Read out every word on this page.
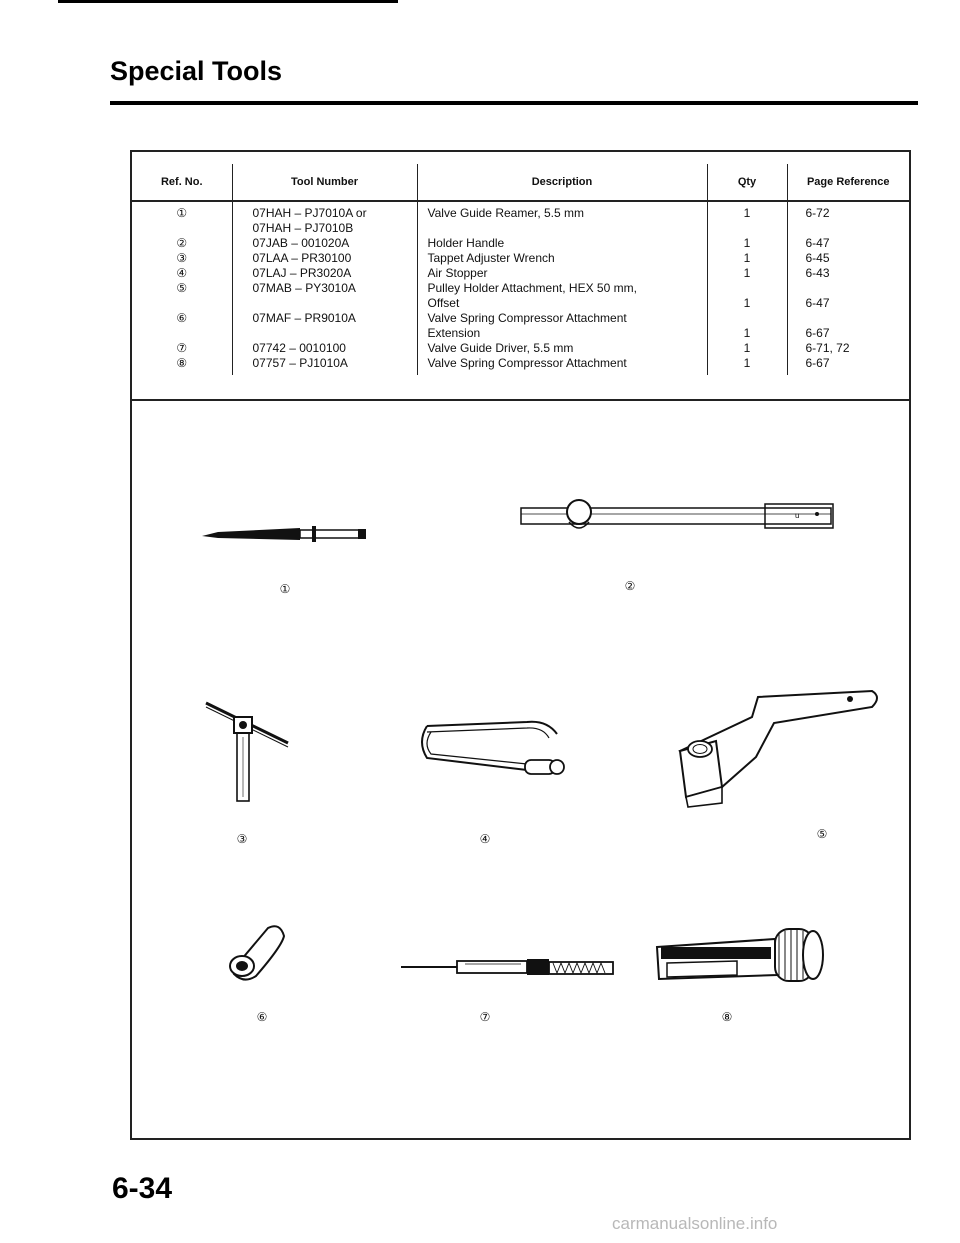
Special Tools
Ref. No.	Tool Number	Description	Qty	Page Reference
①	07HAH – PJ7010A or	Valve Guide Reamer, 5.5 mm	1	6-72
	07HAH – PJ7010B			
②	07JAB – 001020A	Holder Handle	1	6-47
③	07LAA – PR30100	Tappet Adjuster Wrench	1	6-45
④	07LAJ – PR3020A	Air Stopper	1	6-43
⑤	07MAB – PY3010A	Pulley Holder Attachment, HEX 50 mm,		
		Offset	1	6-47
⑥	07MAF – PR9010A	Valve Spring Compressor Attachment		
		Extension	1	6-67
⑦	07742 – 0010100	Valve Guide Driver, 5.5 mm	1	6-71, 72
⑧	07757 – PJ1010A	Valve Spring Compressor Attachment	1	6-67
①
u
②
③	④	⑤
⑥	⑦	⑧
6-34
carmanualsonline.info
